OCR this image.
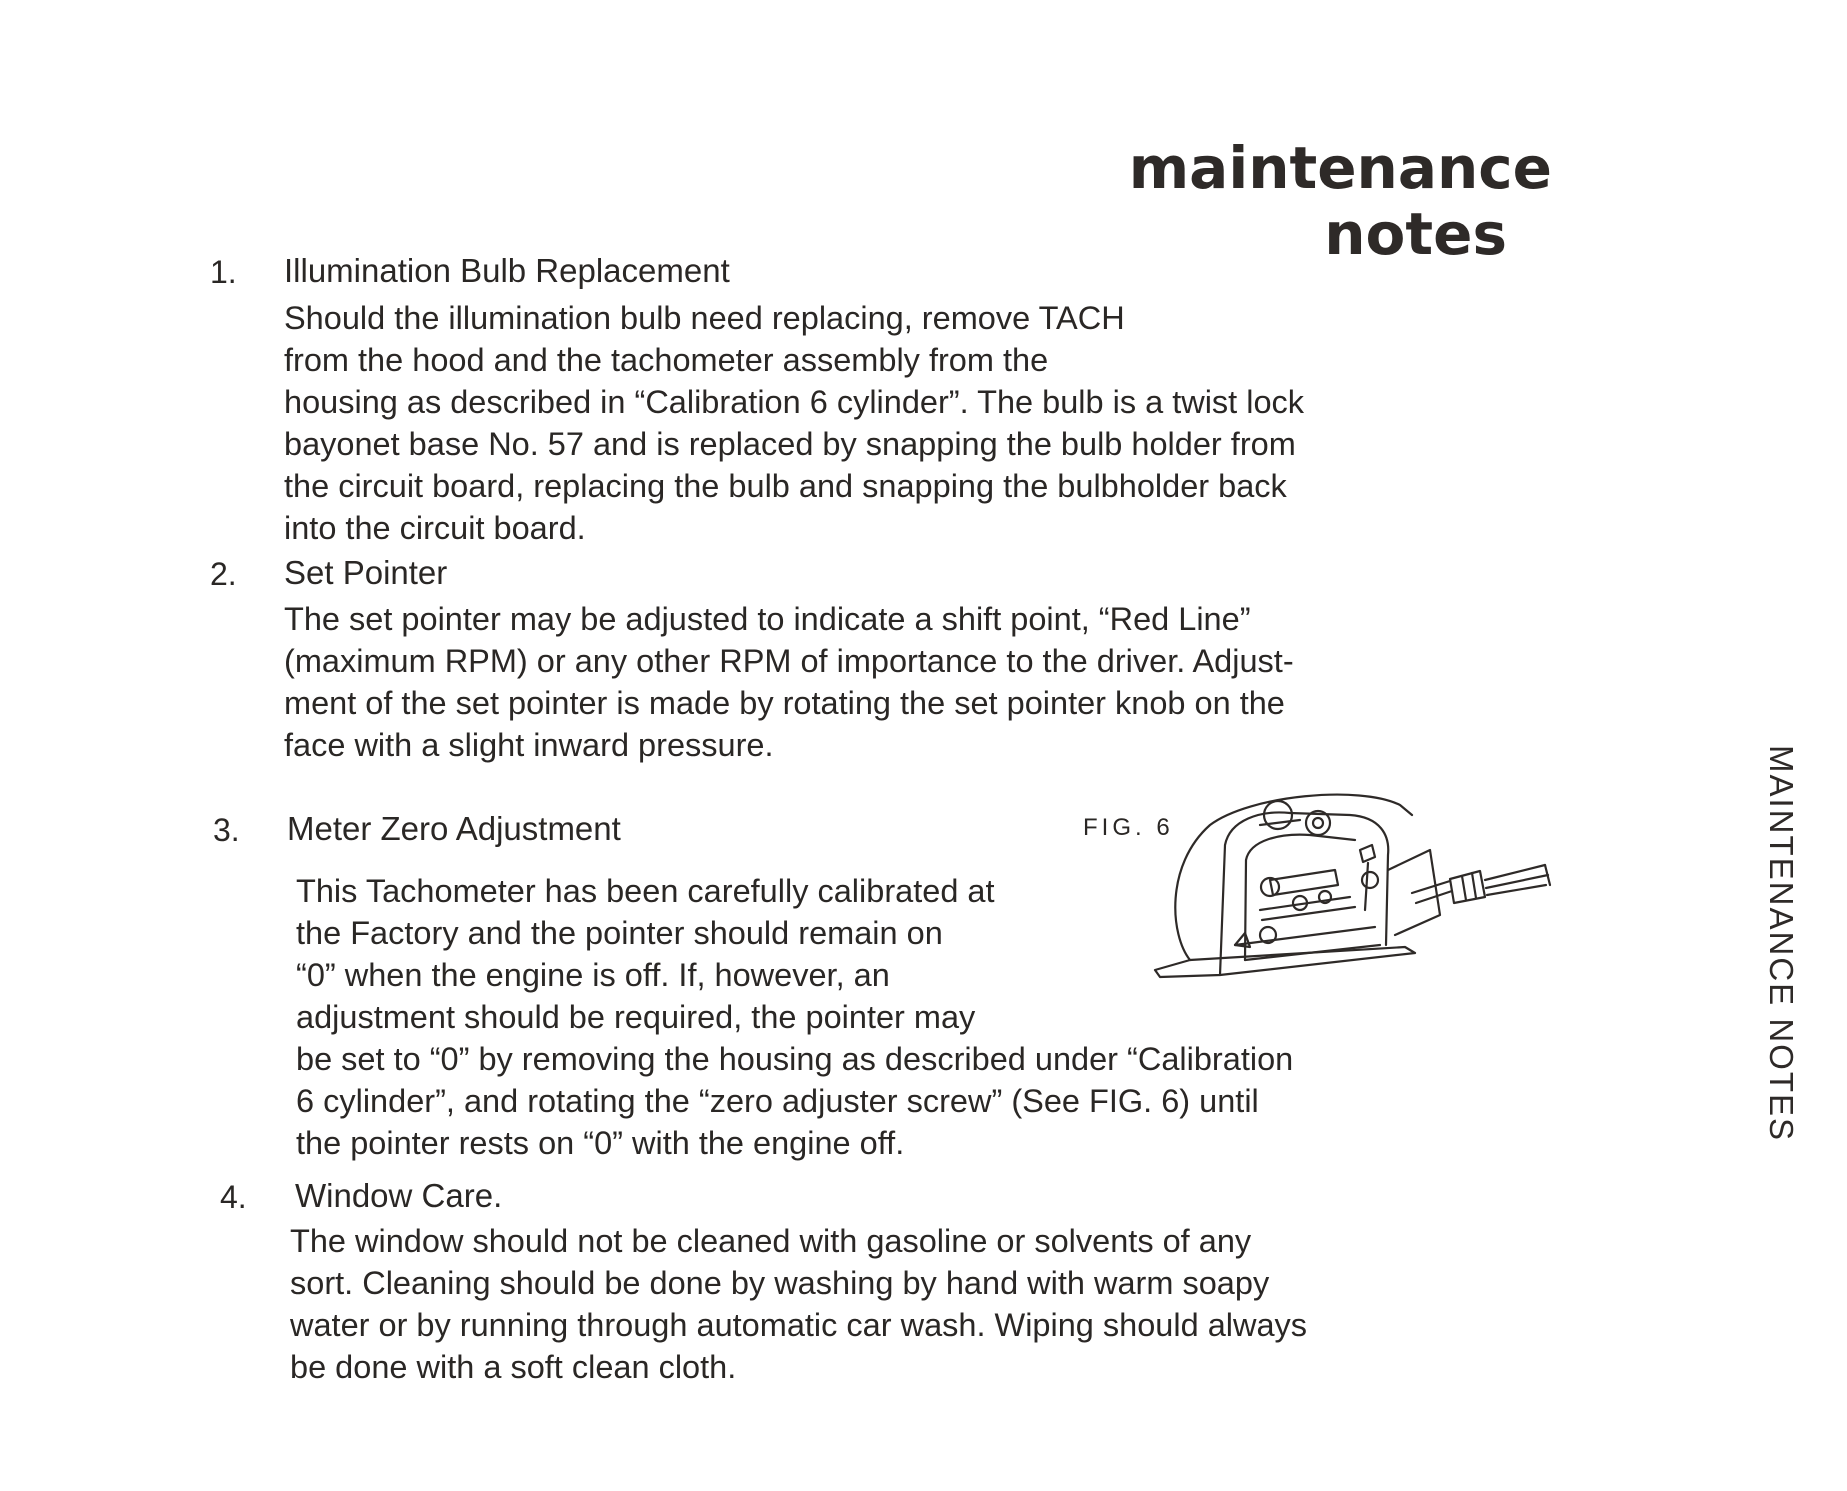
maintenance

notes
MAINTENANCE NOTES
1. Illumination Bulb Replacement
Should the illumination bulb need replacing, remove TACH
from the hood and the tachometer assembly from the
housing as described in “Calibration 6 cylinder”. The bulb is a twist lock
bayonet base No. 57 and is replaced by snapping the bulb holder from
the circuit board, replacing the bulb and snapping the bulbholder back
into the circuit board.
2. Set Pointer
The set pointer may be adjusted to indicate a shift point, “Red Line”
(maximum RPM) or any other RPM of importance to the driver. Adjust-
ment of the set pointer is made by rotating the set pointer knob on the
face with a slight inward pressure.
3. Meter Zero Adjustment	FIG. 6
This Tachometer has been carefully calibrated at
the Factory and the pointer should remain on
“0” when the engine is off. If, however, an
adjustment should be required, the pointer may
be set to “0” by removing the housing as described under “Calibration
6 cylinder”, and rotating the “zero adjuster screw” (See FIG. 6) until
the pointer rests on “0” with the engine off.
4. Window Care.
The window should not be cleaned with gasoline or solvents of any
sort. Cleaning should be done by washing by hand with warm soapy
water or by running through automatic car wash. Wiping should always
be done with a soft clean cloth.
